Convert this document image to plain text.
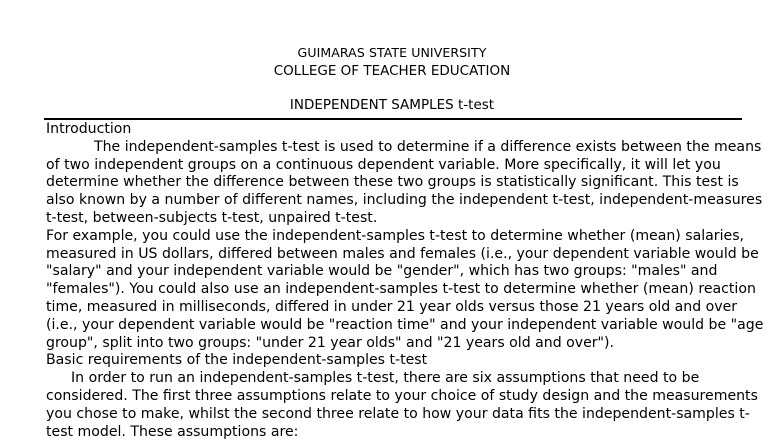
GUIMARAS STATE UNIVERSITY
COLLEGE OF TEACHER EDUCATION
INDEPENDENT SAMPLES t-test
Introduction
The independent-samples t-test is used to determine if a difference exists between the means
of two independent groups on a continuous dependent variable. More specifically, it will let you
determine whether the difference between these two groups is statistically significant. This test is
also known by a number of different names, including the independent t-test, independent-measures
t-test, between-subjects t-test, unpaired t-test.
For example, you could use the independent-samples t-test to determine whether (mean) salaries,
measured in US dollars, differed between males and females (i.e., your dependent variable would be
"salary" and your independent variable would be "gender", which has two groups: "males" and
"females"). You could also use an independent-samples t-test to determine whether (mean) reaction
time, measured in milliseconds, differed in under 21 year olds versus those 21 years old and over
(i.e., your dependent variable would be "reaction time" and your independent variable would be "age
group", split into two groups: "under 21 year olds" and "21 years old and over").
Basic requirements of the independent-samples t-test
In order to run an independent-samples t-test, there are six assumptions that need to be
considered. The first three assumptions relate to your choice of study design and the measurements
you chose to make, whilst the second three relate to how your data fits the independent-samples t-
test model. These assumptions are:
